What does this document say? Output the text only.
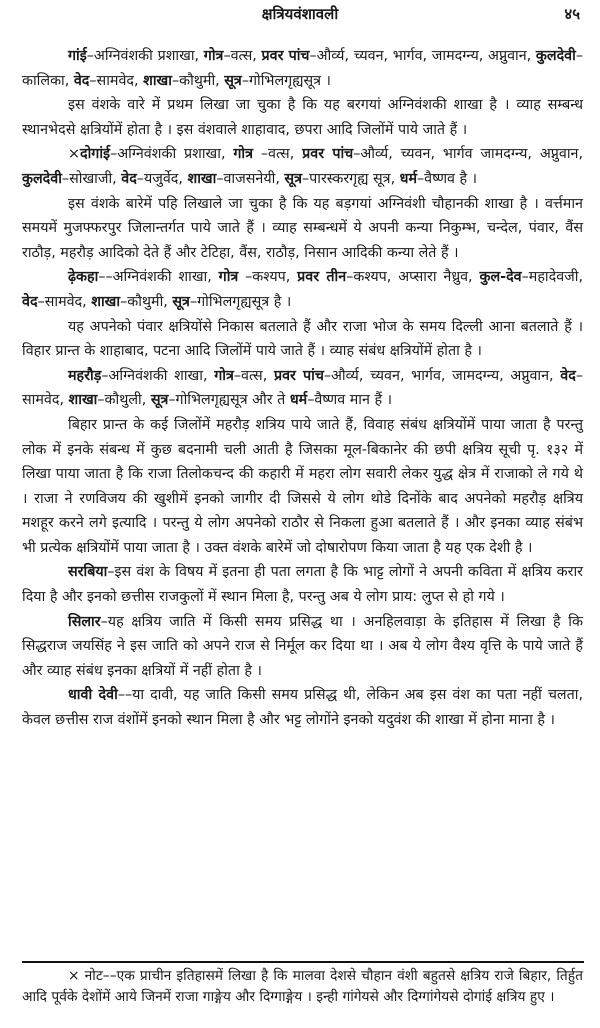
क्षत्रियवंशावली	४५

गांई–अग्निवंशकी प्रशाखा, गोत्र–वत्स, प्रवर पांच–और्व्य, च्यवन, भार्गव, जामदग्न्य, अप्नुवान, कुलदेवी–कालिका, वेद–सामवेद, शाखा–कौथुमी, सूत्र–गोभिलगृह्यसूत्र ।

इस वंशके वारे में प्रथम लिखा जा चुका है कि यह बरगयां अग्निवंशकी शाखा है । व्याह सम्बन्ध स्थानभेदसे क्षत्रियोंमें होता है । इस वंशवाले शाहावाद, छपरा आदि जिलोंमें पाये जाते हैं ।

×दोगांई–अग्निवंशकी प्रशाखा, गोत्र –वत्स, प्रवर पांच–और्व्य, च्यवन, भार्गव जामदग्न्य, अप्नुवान, कुलदेवी–सोखाजी, वेद–यजुर्वेद, शाखा–वाजसनेयी, सूत्र–पारस्करगृह्य सूत्र, धर्म–वैष्णव है ।

इस वंशके बारेमें पहि लिखाले जा चुका है कि यह बड़गयां अग्निवंशी चौहानकी शाखा है । वर्त्तमान समयमें मुजफ्फरपुर जिलान्तर्गत पाये जाते हैं । व्याह सम्बन्धमें ये अपनी कन्या निकुम्भ, चन्देल, पंवार, वैंस राठौड़, महरौड़ आदिको देते हैं और टेटिहा, वैंस, राठौड़, निसान आदिकी कन्या लेते हैं ।

ढ़ेकहा––अग्निवंशकी शाखा, गोत्र –कश्यप, प्रवर तीन–कश्यप, अप्सारा नैध्रुव, कुल-देव–महादेवजी, वेद–सामवेद, शाखा–कौथुमी, सूत्र–गोभिलगृह्यसूत्र है ।

यह अपनेको पंवार क्षत्रियोंसे निकास बतलाते हैं और राजा भोज के समय दिल्ली आना बतलाते हैं । विहार प्रान्त के शाहाबाद, पटना आदि जिलोंमें पाये जाते हैं । व्याह संबंध क्षत्रियोंमें होता है ।

महरौड़–अग्निवंशकी शाखा, गोत्र–वत्स, प्रवर पांच–और्व्य, च्यवन, भार्गव, जामदग्न्य, अप्नुवान, वेद–सामवेद, शाखा–कौथुली, सूत्र–गोभिलगृह्यसूत्र और ते धर्म–वैष्णव मान हैं ।

बिहार प्रान्त के कई जिलोंमें महरौड़ शत्रिय पाये जाते हैं, विवाह संबंध क्षत्रियोंमें पाया जाता है परन्तु लोक में इनके संबन्ध में कुछ बदनामी चली आती है जिसका मूल-बिकानेर की छपी क्षत्रिय सूची पृ. १३२ में लिखा पाया जाता है कि राजा तिलोकचन्द की कहारी में महरा लोग सवारी लेकर युद्ध क्षेत्र में राजाको ले गये थे । राजा ने रणविजय की खुशीमें इनको जागीर दी जिससे ये लोग थोडे दिनोंके बाद अपनेको महरौड़ क्षत्रिय मशहूर करने लगे इत्यादि । परन्तु ये लोग अपनेको राठौर से निकला हुआ बतलाते हैं । और इनका व्याह संबंभ भी प्रत्येक क्षत्रियोंमें पाया जाता है । उक्त वंशके बारेमें जो दोषारोपण किया जाता है यह एक देशी है ।

सरबिया–इस वंश के विषय में इतना ही पता लगता है कि भाट्ट लोगों ने अपनी कविता में क्षत्रिय करार दिया है और इनको छत्तीस राजकुलों में स्थान मिला है, परन्तु अब ये लोग प्राय: लुप्त से हो गये ।

सिलार–यह क्षत्रिय जाति में किसी समय प्रसिद्ध था । अनहिलवाड़ा के इतिहास में लिखा है कि सिद्धराज जयसिंह ने इस जाति को अपने राज से निर्मूल कर दिया था । अब ये लोग वैश्य वृत्ति के पाये जाते हैं और व्याह संबंध इनका क्षत्रियों में नहीं होता है ।

धावी देवी––या दावी, यह जाति किसी समय प्रसिद्ध थी, लेकिन अब इस वंश का पता नहीं चलता, केवल छत्तीस राज वंशोंमें इनको स्थान मिला है और भट्ट लोगोंने इनको यदुवंश की शाखा में होना माना है ।

× नोट––एक प्राचीन इतिहासमें लिखा है कि मालवा देशसे चौहान वंशी बहुतसे क्षत्रिय राजे बिहार, तिर्हुत आदि पूर्वके देशोंमें आये जिनमें राजा गाङ्गेय और दिग्गाङ्गेय । इन्ही गांगेयसे और दिग्गांगेयसे दोगांई क्षत्रिय हुए ।
